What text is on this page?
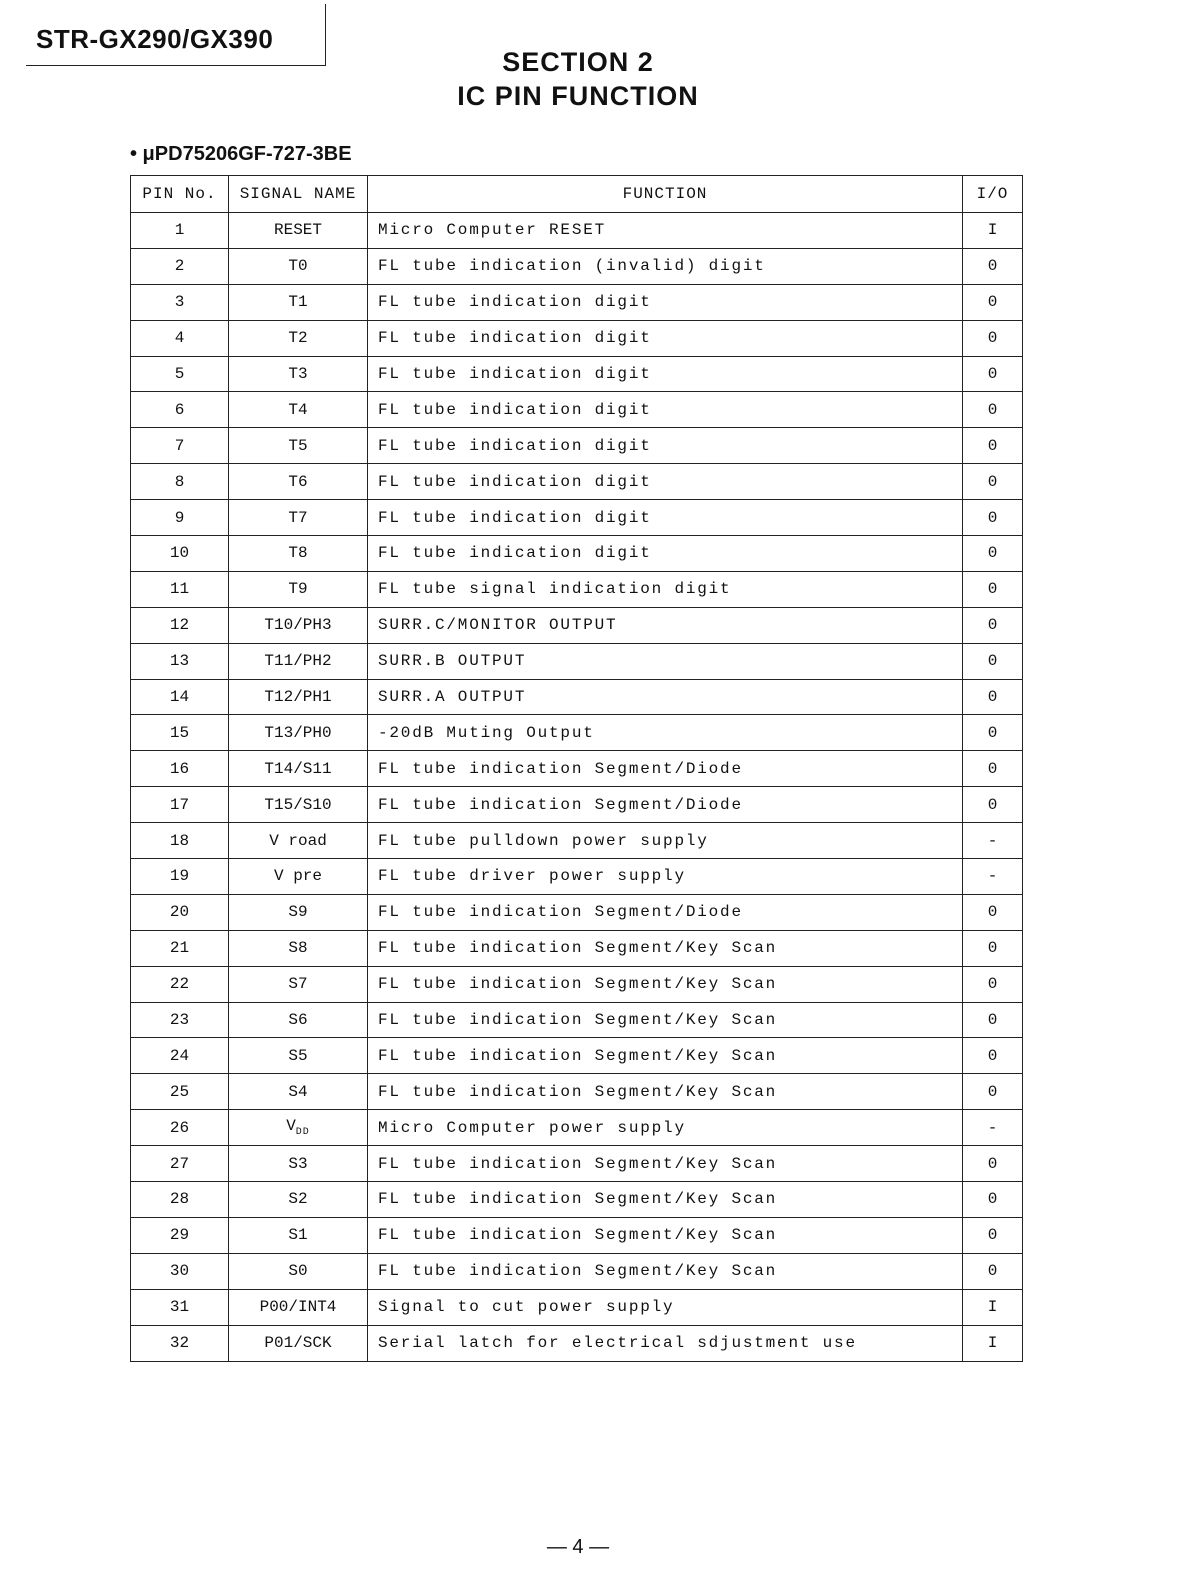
STR-GX290/GX390
SECTION 2
IC PIN FUNCTION
• μPD75206GF-727-3BE
PIN No.	SIGNAL NAME	FUNCTION	I/O
1	RESET	Micro Computer RESET	I
2	T0	FL tube indication (invalid) digit	0
3	T1	FL tube indication digit	0
4	T2	FL tube indication digit	0
5	T3	FL tube indication digit	0
6	T4	FL tube indication digit	0
7	T5	FL tube indication digit	0
8	T6	FL tube indication digit	0
9	T7	FL tube indication digit	0
10	T8	FL tube indication digit	0
11	T9	FL tube signal indication digit	0
12	T10/PH3	SURR.C/MONITOR OUTPUT	0
13	T11/PH2	SURR.B OUTPUT	0
14	T12/PH1	SURR.A OUTPUT	0
15	T13/PH0	-20dB Muting Output	0
16	T14/S11	FL tube indication Segment/Diode	0
17	T15/S10	FL tube indication Segment/Diode	0
18	V road	FL tube pulldown power supply	-
19	V pre	FL tube driver power supply	-
20	S9	FL tube indication Segment/Diode	0
21	S8	FL tube indication Segment/Key Scan	0
22	S7	FL tube indication Segment/Key Scan	0
23	S6	FL tube indication Segment/Key Scan	0
24	S5	FL tube indication Segment/Key Scan	0
25	S4	FL tube indication Segment/Key Scan	0
26	$V_{DD}$	Micro Computer power supply	-
27	S3	FL tube indication Segment/Key Scan	0
28	S2	FL tube indication Segment/Key Scan	0
29	S1	FL tube indication Segment/Key Scan	0
30	S0	FL tube indication Segment/Key Scan	0
31	P00/INT4	Signal to cut power supply	I
32	P01/SCK	Serial latch for electrical sdjustment use	I
— 4 —
